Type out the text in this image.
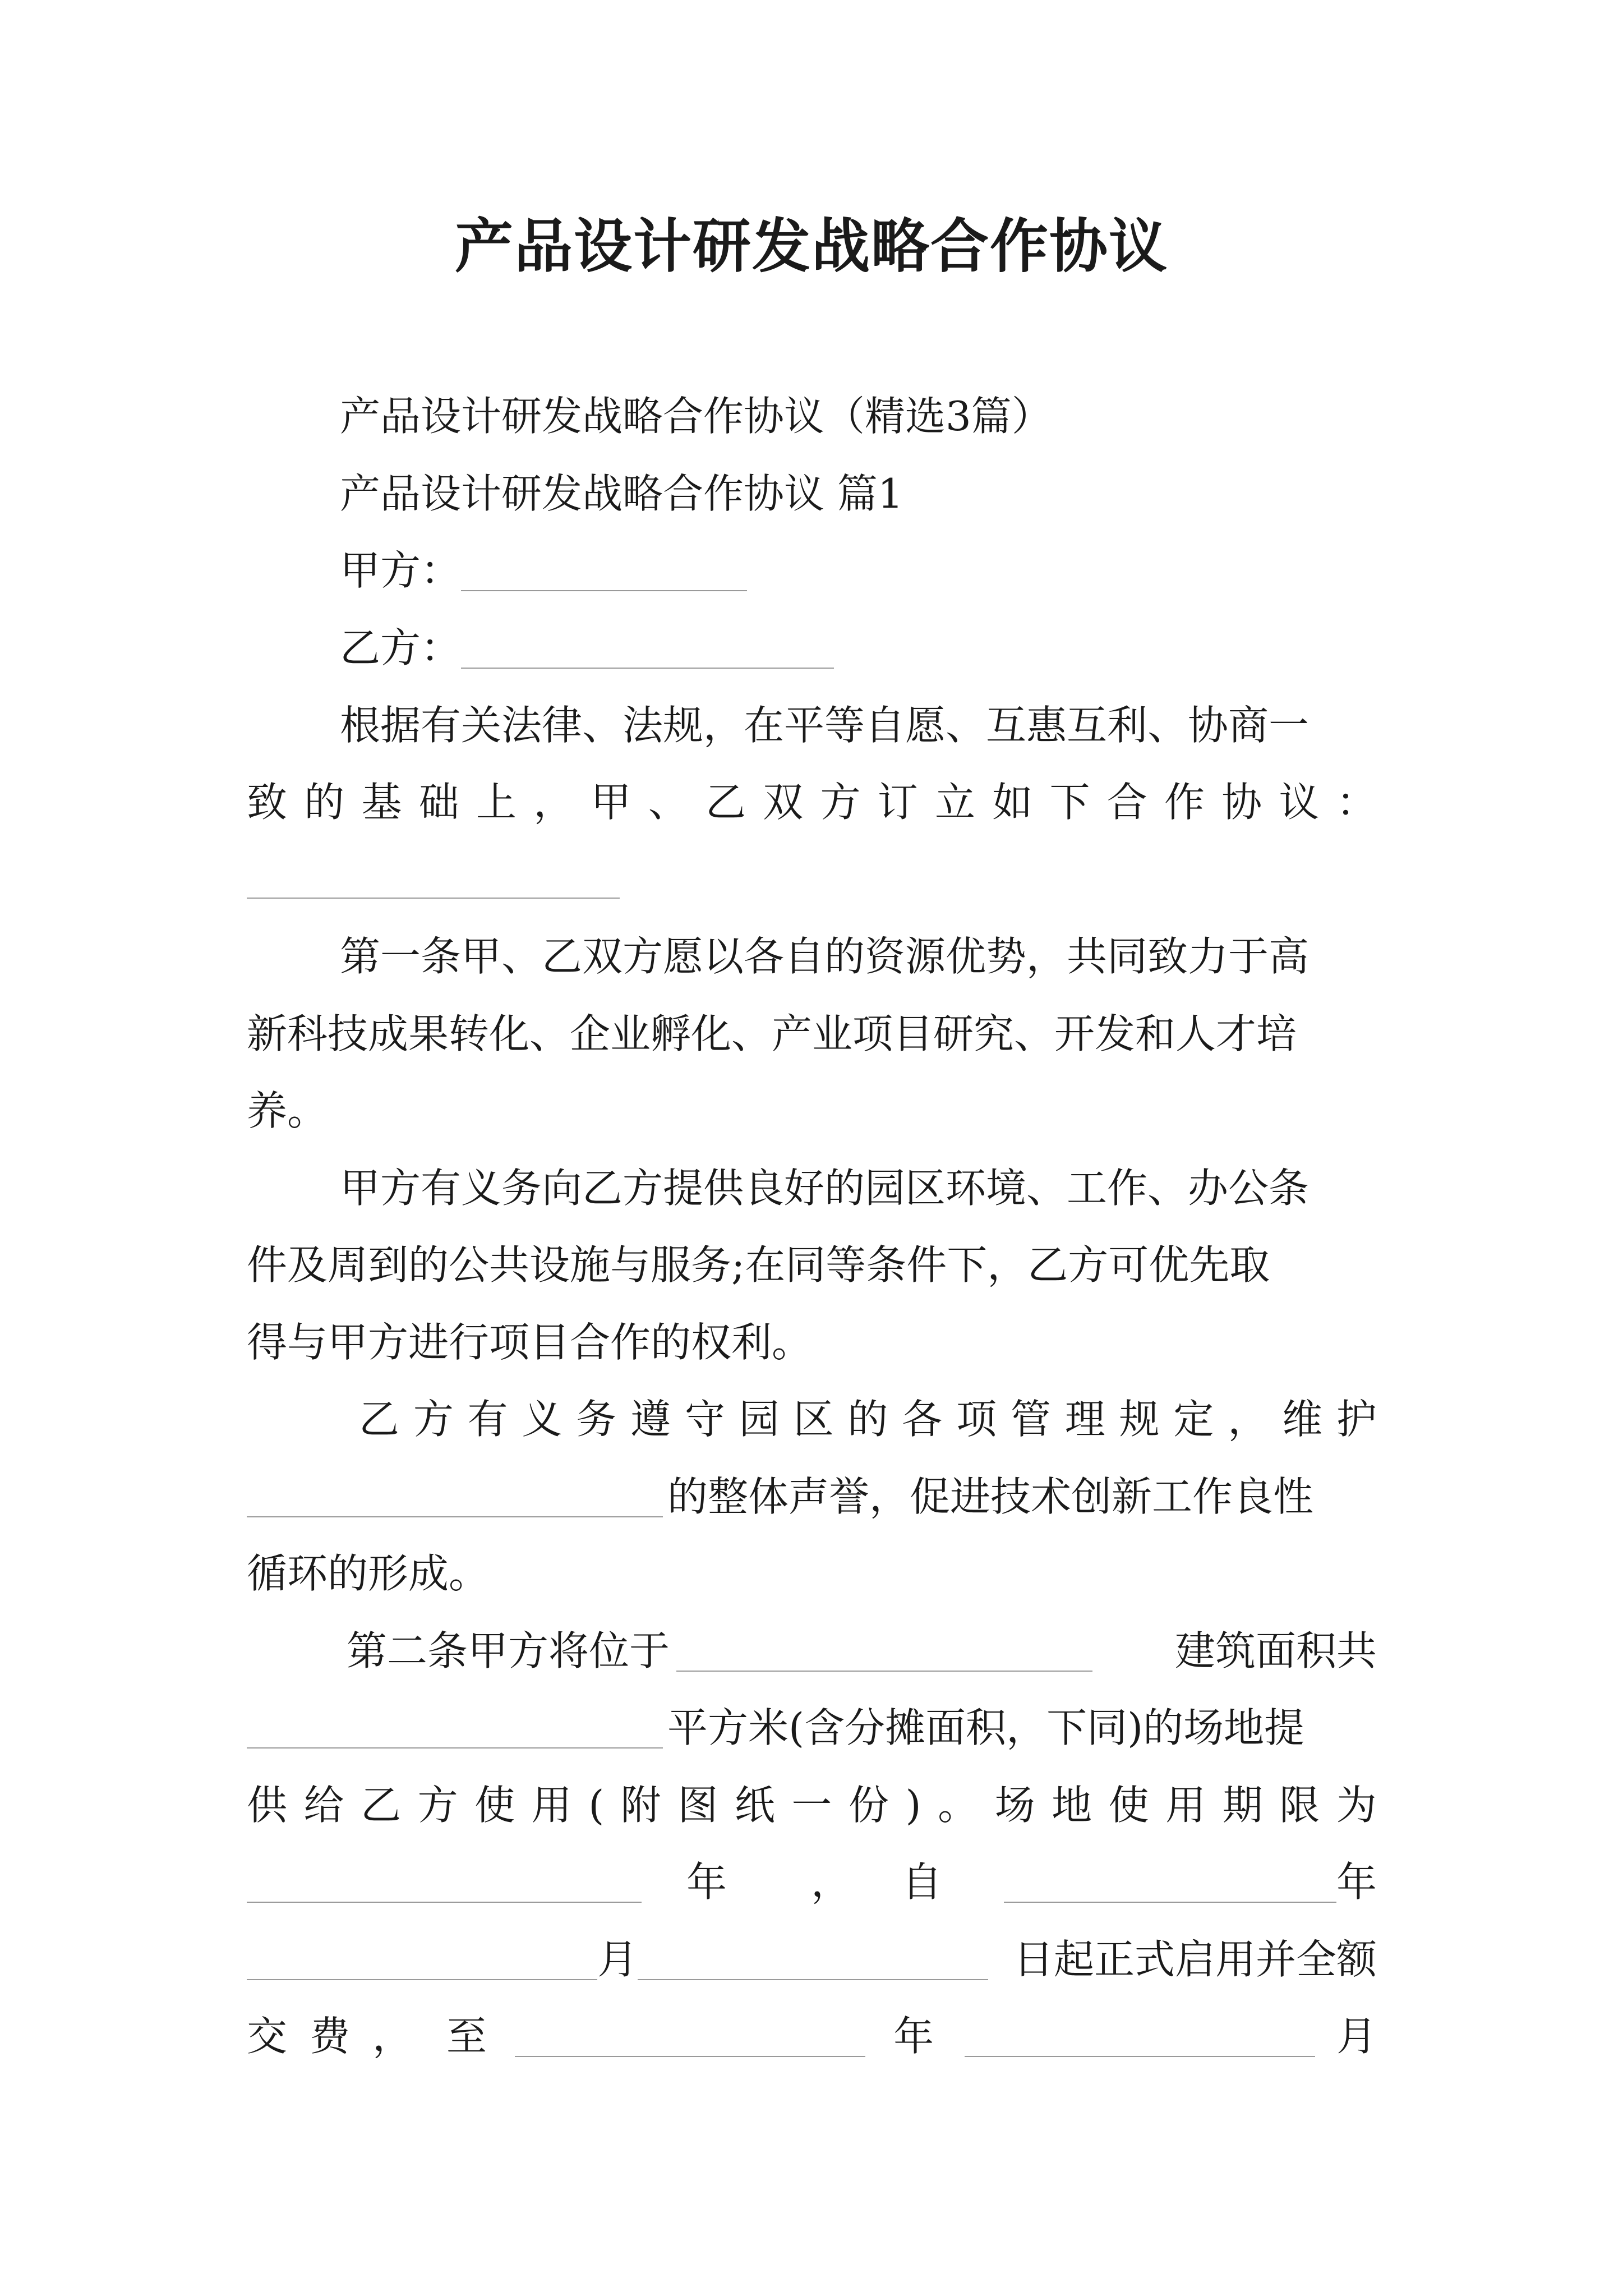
产品设计研发战略合作协议
产品设计研发战略合作协议（精选3篇）
产品设计研发战略合作协议 篇1
甲方：
乙方：
根据有关法律、法规，在平等自愿、互惠互利、协商一
致 的 基 础 上 ， 甲 、 乙 双 方 订 立 如 下 合 作 协 议 ：
第一条甲、乙双方愿以各自的资源优势，共同致力于高
新科技成果转化、企业孵化、产业项目研究、开发和人才培
养。
甲方有义务向乙方提供良好的园区环境、工作、办公条
件及周到的公共设施与服务;在同等条件下，乙方可优先取
得与甲方进行项目合作的权利。
乙 方 有 义 务 遵 守 园 区 的 各 项 管 理 规 定 ， 维 护
的整体声誉，促进技术创新工作良性
循环的形成。
第二条甲方将位于	建筑面积共
平方米(含分摊面积，下同)的场地提
供 给 乙 方 使 用 ( 附 图 纸 一 份 ) 。 场 地 使 用 期 限 为
年 ， 自	年
月	日起正式启用并全额
交 费 ， 至	年	月
